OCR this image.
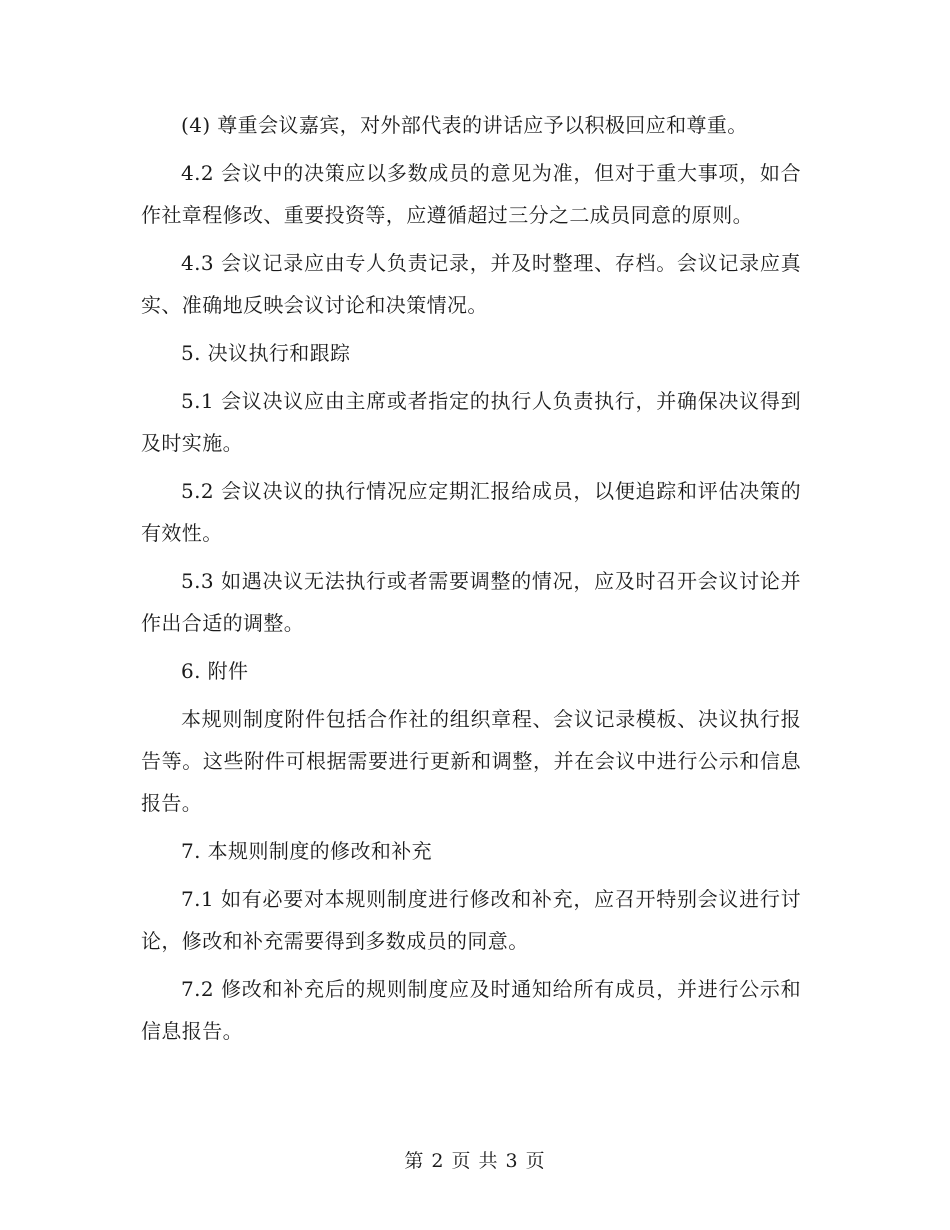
(4) 尊重会议嘉宾，对外部代表的讲话应予以积极回应和尊重。

4.2 会议中的决策应以多数成员的意见为准，但对于重大事项，如合作社章程修改、重要投资等，应遵循超过三分之二成员同意的原则。

4.3 会议记录应由专人负责记录，并及时整理、存档。会议记录应真实、准确地反映会议讨论和决策情况。

5. 决议执行和跟踪

5.1 会议决议应由主席或者指定的执行人负责执行，并确保决议得到及时实施。

5.2 会议决议的执行情况应定期汇报给成员，以便追踪和评估决策的有效性。

5.3 如遇决议无法执行或者需要调整的情况，应及时召开会议讨论并作出合适的调整。

6. 附件

本规则制度附件包括合作社的组织章程、会议记录模板、决议执行报告等。这些附件可根据需要进行更新和调整，并在会议中进行公示和信息报告。

7. 本规则制度的修改和补充

7.1 如有必要对本规则制度进行修改和补充，应召开特别会议进行讨论，修改和补充需要得到多数成员的同意。

7.2 修改和补充后的规则制度应及时通知给所有成员，并进行公示和信息报告。

第 2 页 共 3 页
